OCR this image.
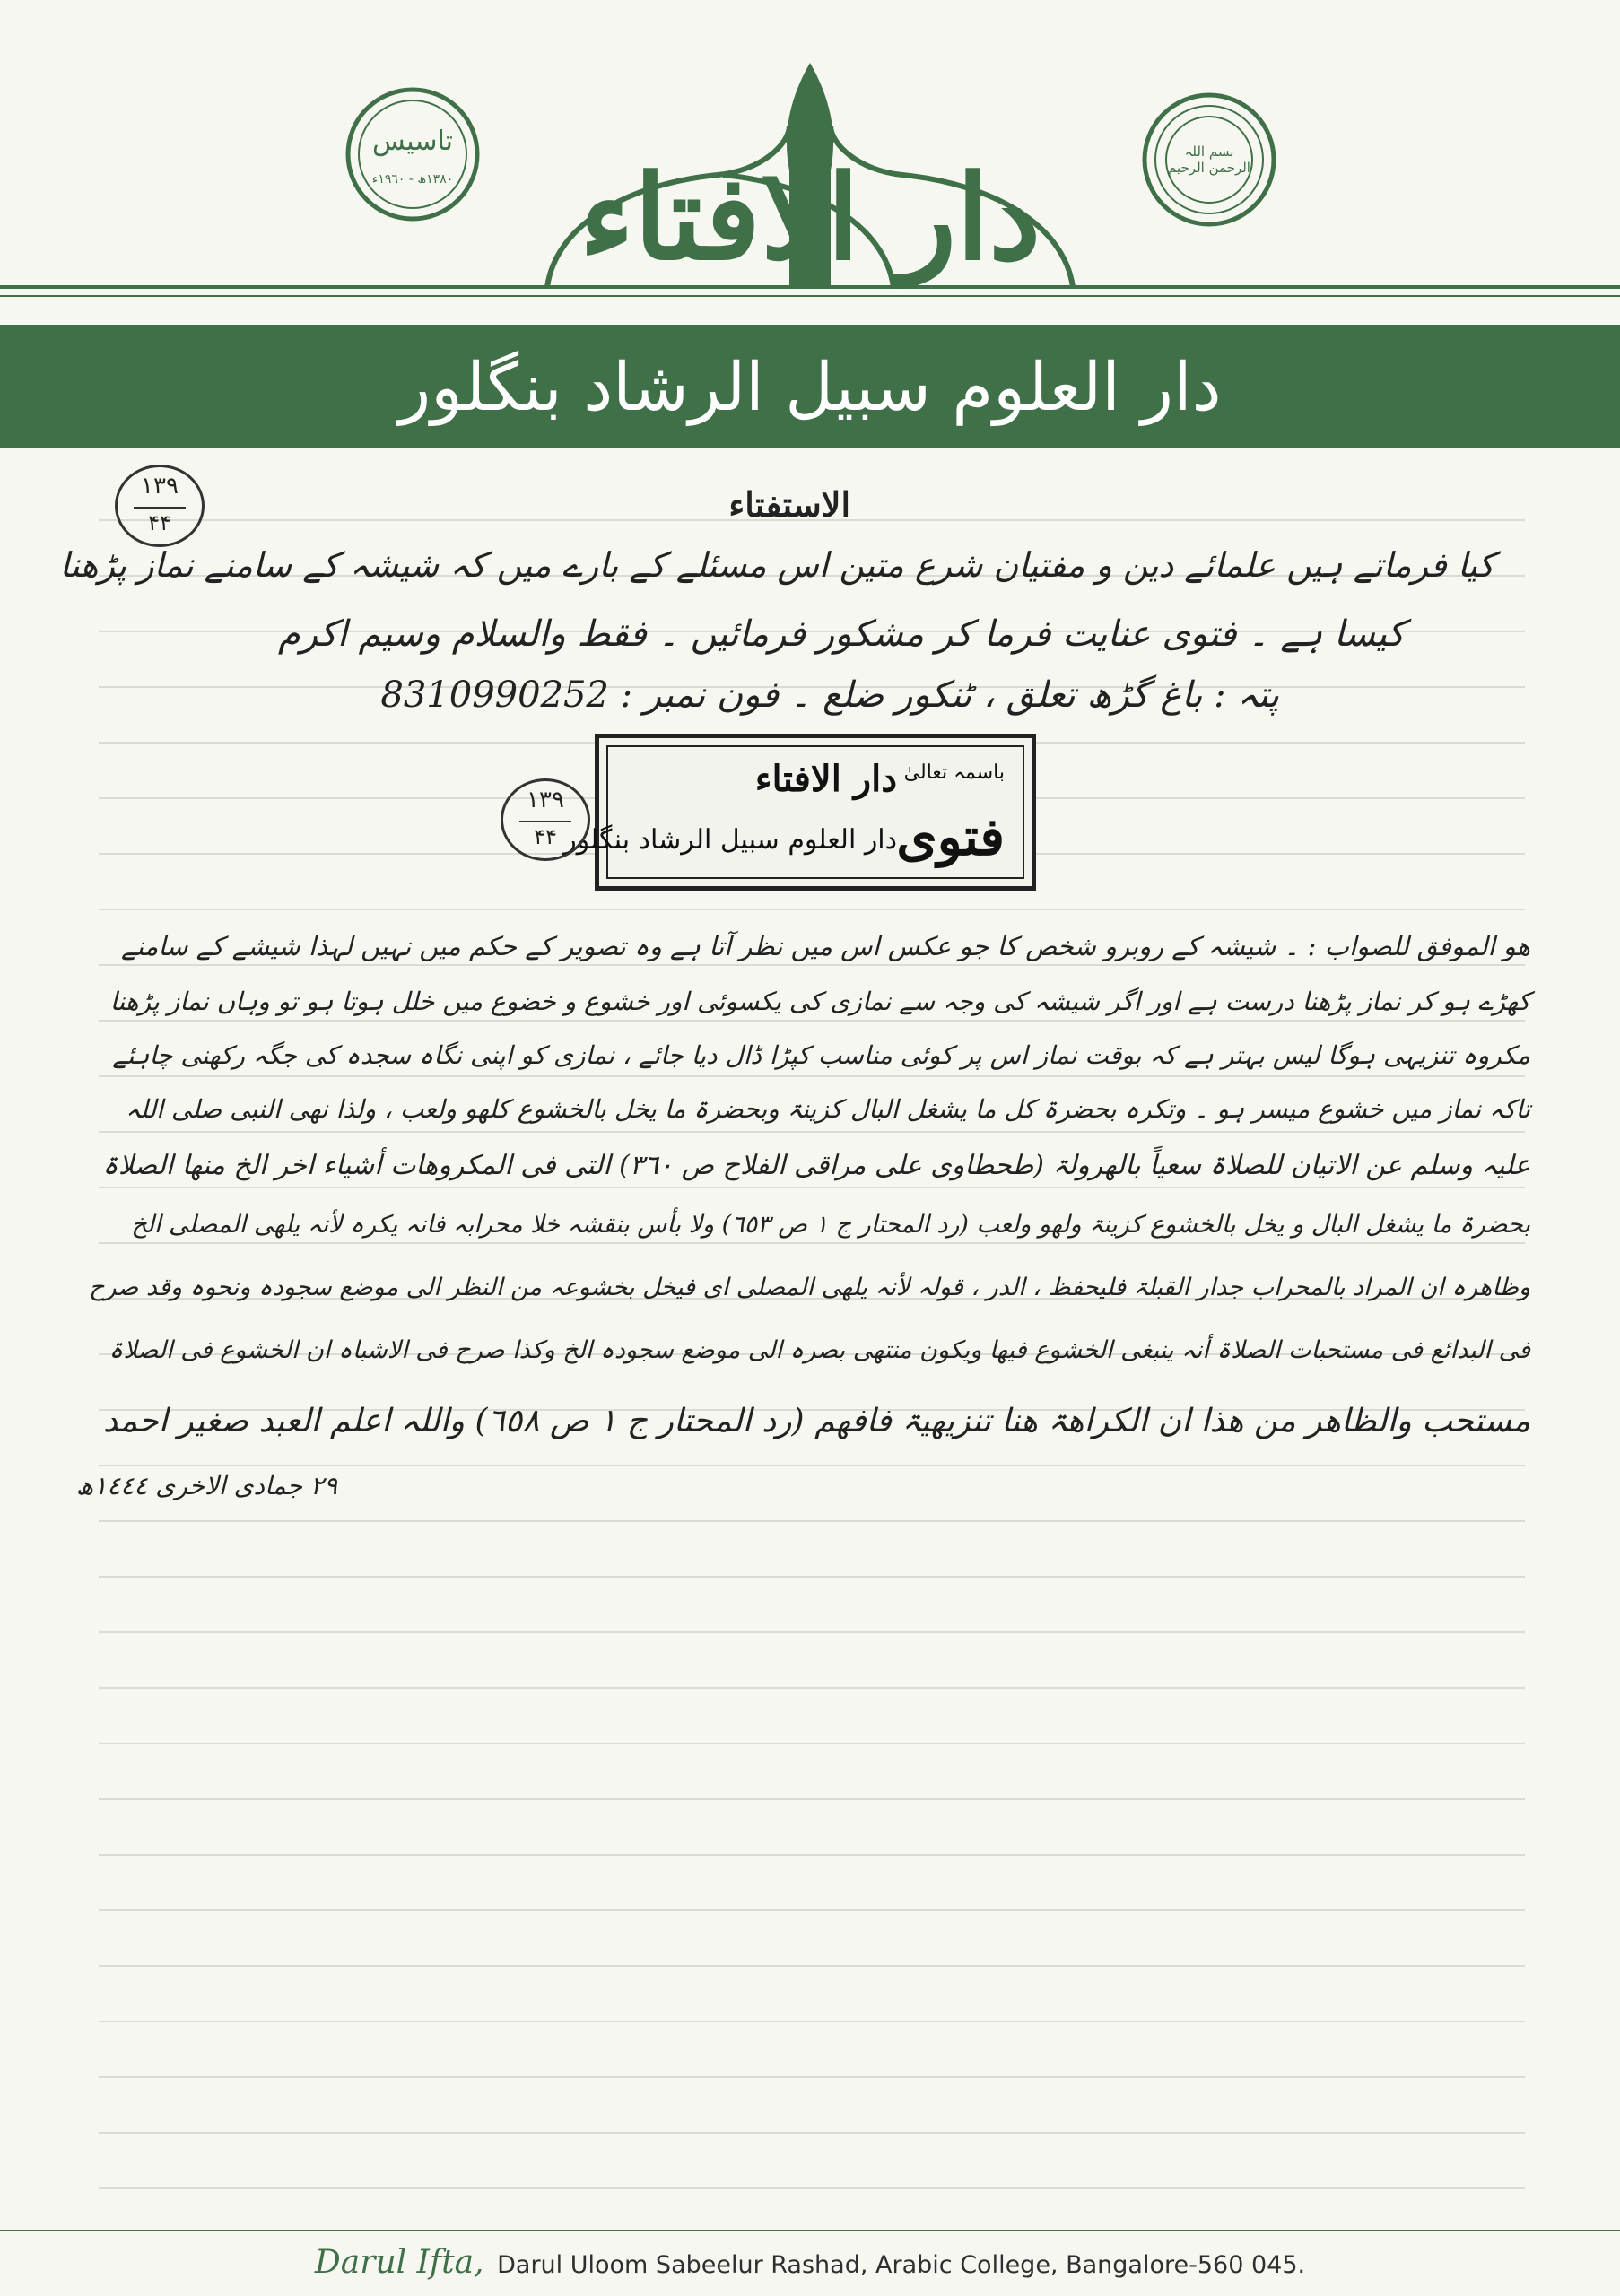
دار الافتاء
تاسیس
١٣٨٠ھ - ١٩٦٠ء
بسم اللہ الرحمن الرحیم
دار العلوم سبیل الرشاد بنگلور
الاستفتاء
١٣٩
۴۴
کیا فرماتے ہیں علمائے دین و مفتیان شرع متین اس مسئلے کے بارے میں کہ شیشہ کے سامنے نماز پڑھنا
کیسا ہے ۔ فتوی عنایت فرما کر مشکور فرمائیں ۔ فقط والسلام وسیم اکرم
پتہ : باغ گڑھ تعلق ، ٹنکور ضلع ۔ فون نمبر : 8310990252
باسمہ تعالیٰ
دار الافتاء
فتوی
دار العلوم سبیل الرشاد بنگلور
١٣٩
۴۴
ھو الموفق للصواب : ۔ شیشہ کے روبرو شخص کا جو عکس اس میں نظر آتا ہے وہ تصویر کے حکم میں نہیں لہذا شیشے کے سامنے
کھڑے ہو کر نماز پڑھنا درست ہے اور اگر شیشہ کی وجہ سے نمازی کی یکسوئی اور خشوع و خضوع میں خلل ہوتا ہو تو وہاں نماز پڑھنا
مکروہ تنزیہی ہوگا لیس بہتر ہے کہ بوقت نماز اس پر کوئی مناسب کپڑا ڈال دیا جائے ، نمازی کو اپنی نگاہ سجدہ کی جگہ رکھنی چاہئے
تاکہ نماز میں خشوع میسر ہو ۔ وتکرہ بحضرۃ کل ما یشغل البال کزینۃ وبحضرۃ ما یخل بالخشوع کلھو ولعب ، ولذا نھی النبی صلی اللہ
علیہ وسلم عن الاتیان للصلاۃ سعیاً بالھرولۃ (طحطاوی علی مراقی الفلاح ص ٣٦٠) التی فی المکروھات أشیاء اخر الخ منھا الصلاۃ
بحضرۃ ما یشغل البال و یخل بالخشوع کزینۃ ولھو ولعب (رد المحتار ج ١ ص ٦٥٣) ولا بأس بنقشہ خلا محرابہ فانہ یکرہ لأنہ یلھی المصلی الخ
وظاھرہ ان المراد بالمحراب جدار القبلۃ فلیحفظ ، الدر ، قولہ لأنہ یلھی المصلی ای فیخل بخشوعہ من النظر الی موضع سجودہ ونحوہ وقد صرح
فی البدائع فی مستحبات الصلاۃ أنہ ینبغی الخشوع فیھا ویکون منتھی بصرہ الی موضع سجودہ الخ وکذا صرح فی الاشباہ ان الخشوع فی الصلاۃ
مستحب والظاھر من ھذا ان الکراھۃ ھنا تنزیھیۃ فافھم (رد المحتار ج ١ ص ٦٥٨) واللہ اعلم العبد صغیر احمد
٢٩ جمادی الاخری ١٤٤٤ھ
Darul Ifta, Darul Uloom Sabeelur Rashad, Arabic College, Bangalore-560 045.
